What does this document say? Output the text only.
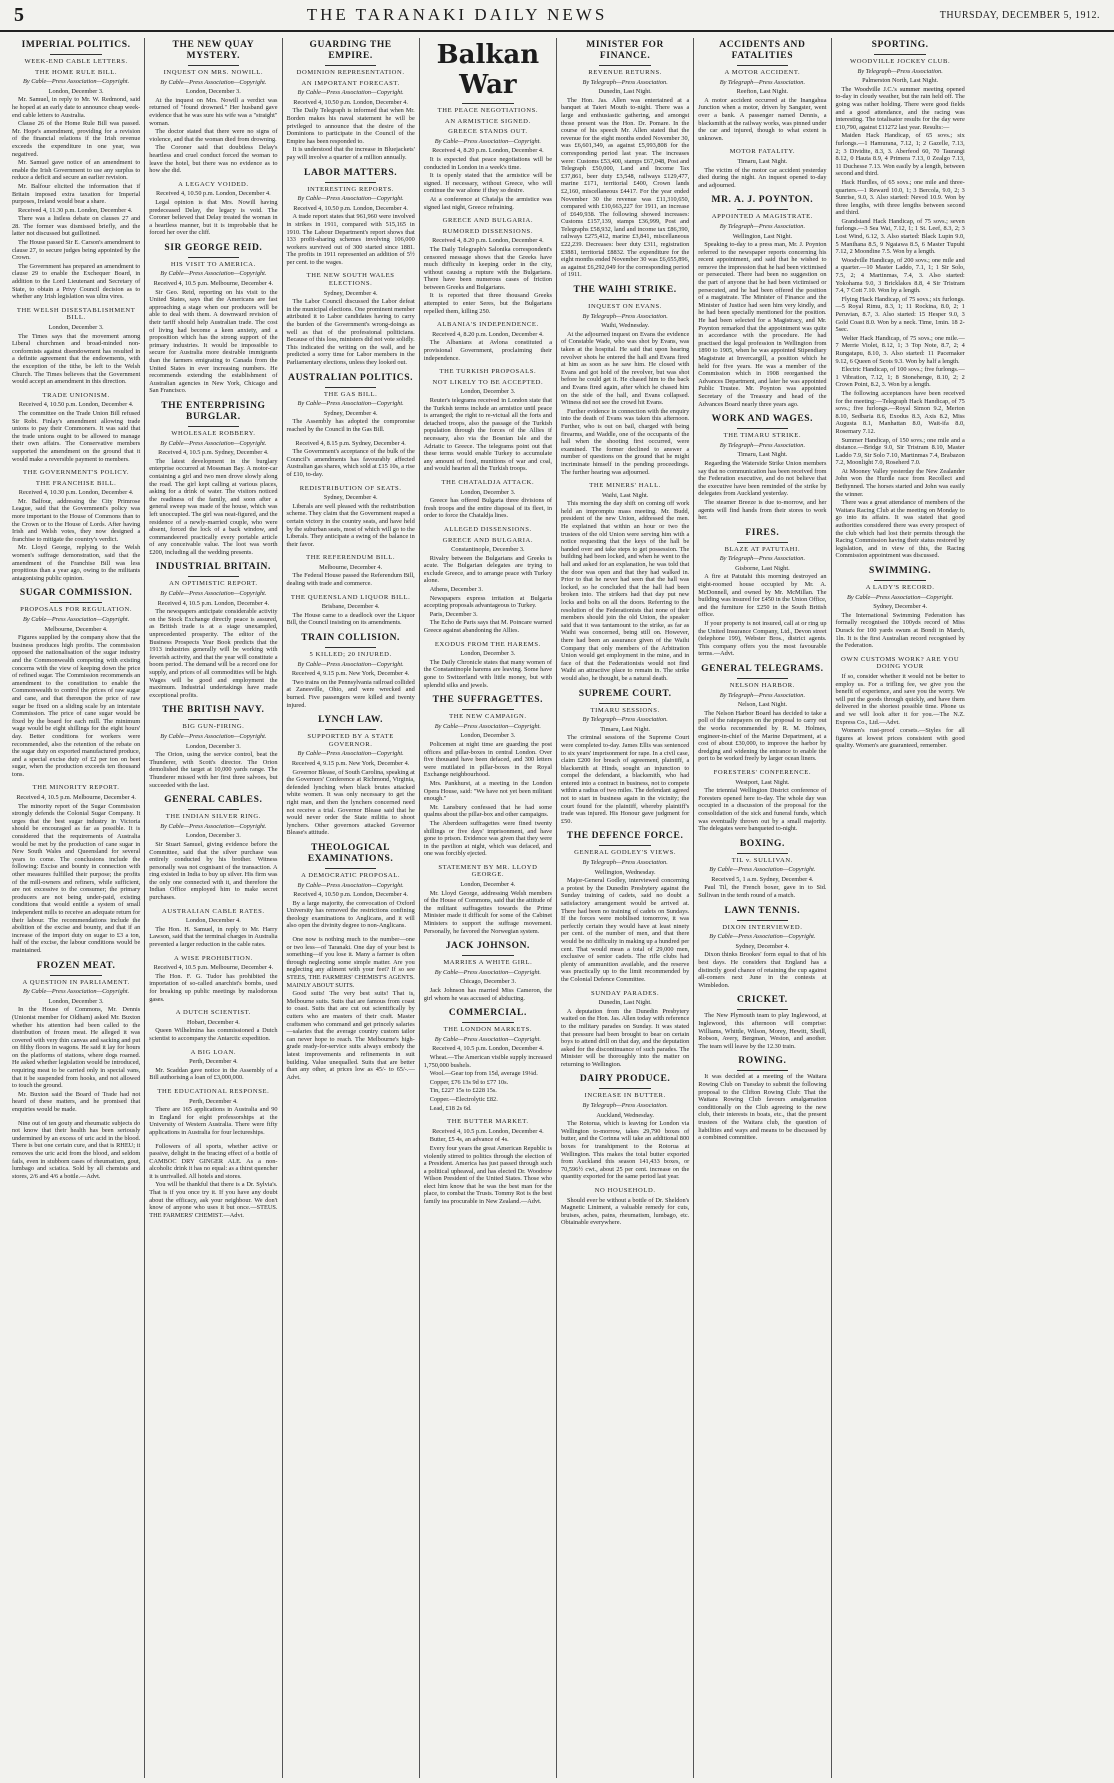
5	THE TARANAKI DAILY NEWS	THURSDAY, DECEMBER 5, 1912.
IMPERIAL POLITICS.
WEEK-END CABLE LETTERS.
THE HOME RULE BILL.
By Cable—Press Association—Copyright.
London, December 3.

Mr. Samuel, in reply to Mr. W. Redmond, said he hoped at an early date to announce cheap week-end cable letters to Australia.

Clause 26 of the Home Rule Bill was passed. Mr. Hope's amendment, providing for a revision of the financial relations if the Irish revenue exceeds the expenditure in one year, was negatived.

Mr. Samuel gave notice of an amendment to enable the Irish Government to use any surplus to reduce a deficit and secure an earlier revision.

Mr. Balfour elicited the information that if Britain imposed extra taxation for Imperial purposes, Ireland would bear a share.

Received 4, 11.30 p.m. London, December 4.

There was a listless debate on clauses 27 and 28. The former was dismissed briefly, and the latter not discussed but guillotined.

The House passed Sir E. Carson's amendment to clause 27, to secure judges being appointed by the Crown.

The Government has prepared an amendment to clause 29 to enable the Exchequer Board, in addition to the Lord Lieutenant and Secretary of State, to obtain a Privy Council decision as to whether any Irish legislation was ultra vires.

THE WELSH DISESTABLISHMENT BILL.
London, December 3.

The Times says that the movement among Liberal churchmen and broad-minded non-conformists against disendowment has resulted in a definite agreement that the endowments, with the exception of the tithe, be left to the Welsh Church. The Times believes that the Government would accept an amendment in this direction.

TRADE UNIONISM.
Received 4, 10.50 p.m. London, December 4.

The committee on the Trade Union Bill refused Sir Robt. Finlay's amendment allowing trade unions to pay their Commoners. It was said that the trade unions ought to be allowed to manage their own affairs. The Conservative members supported the amendment on the ground that it would make a reversible payment to members.

THE GOVERNMENT'S POLICY.
THE FRANCHISE BILL.
Received 4, 10.30 p.m. London, December 4.

Mr. Balfour, addressing the City Primrose League, said that the Government's policy was more important to the House of Commons than to the Crown or to the House of Lords. After having Irish and Welsh votes, they now designed a franchise to mitigate the country's verdict.

Mr. Lloyd George, replying to the Welsh women's suffrage demonstration, said that the amendment of the Franchise Bill was less propitious than a year ago, owing to the militants antagonising public opinion.

SUGAR COMMISSION.
PROPOSALS FOR REGULATION.
By Cable—Press Association—Copyright.
Melbourne, December 4.

Figures supplied by the company show that the business produces high profits. The commission opposed the nationalisation of the sugar industry and the Commonwealth competing with existing concerns with the view of keeping down the price of refined sugar. The Commission recommends an amendment to the constitution to enable the Commonwealth to control the prices of raw sugar and cane, and that thereupon the price of raw sugar be fixed on a sliding scale by an interstate Commission. The price of cane sugar would be fixed by the board for each mill. The minimum wage would be eight shillings for the eight hours' day. Better conditions for workers were recommended, also the retention of the rebate on the sugar duty on exported manufactured produce, and a special excise duty of £2 per ton on beet sugar, when the production exceeds ten thousand tons.

THE MINORITY REPORT.
Received 4, 10.5 p.m. Melbourne, December 4.

The minority report of the Sugar Commission strongly defends the Colonial Sugar Company. It urges that the best sugar industry in Victoria should be encouraged as far as possible. It is considered that the requirements of Australia would be met by the production of cane sugar in New South Wales and Queensland for several years to come. The conclusions include the following: Excise and bounty in connection with other measures fulfilled their purpose; the profits of the mill-owners and refiners, while sufficient, are not excessive to the consumer; the primary producers are not being under-paid, existing conditions that would entitle a system of small independent mills to receive an adequate return for their labour. The recommendations include the abolition of the excise and bounty, and that if an increase of the import duty on sugar to £3 a ton, half of the excise, the labour conditions would be maintained.

FROZEN MEAT.
A QUESTION IN PARLIAMENT.
By Cable—Press Association—Copyright.
London, December 3.

In the House of Commons, Mr. Dennis (Unionist member for Oldham) asked Mr. Buxton whether his attention had been called to the distribution of frozen meat. He alleged it was covered with very thin canvas and sacking and put on filthy floors in wagons. He said it lay for hours on the platforms of stations, where dogs roamed. He asked whether legislation would be introduced, requiring meat to be carried only in special vans, that it be suspended from hooks, and not allowed to touch the ground.

Mr. Buxton said the Board of Trade had not heard of these matters, and he promised that enquiries would be made.

Nine out of ten gouty and rheumatic subjects do not know that their health has been seriously undermined by an excess of uric acid in the blood. There is but one certain cure, and that is RHEU; it removes the uric acid from the blood, and seldom fails, even in stubborn cases of rheumatism, gout, lumbago and sciatica. Sold by all chemists and stores, 2/6 and 4/6 a bottle.—Advt.

THE NEW QUAY MYSTERY.
INQUEST ON MRS. NOWILL.
By Cable—Press Association—Copyright.
London, December 3.

At the inquest on Mrs. Nowill a verdict was returned of "found drowned." Her husband gave evidence that he was sure his wife was a "straight" woman.

The doctor stated that there were no signs of violence, and that the woman died from drowning.

The Coroner said that doubtless Delay's heartless and cruel conduct forced the woman to leave the hotel, but there was no evidence as to how she did.

A LEGACY VOIDED.
Received 4, 10.50 p.m. London, December 4.

Legal opinion is that Mrs. Nowill having predeceased Delay, the legacy is void. The Coroner believed that Delay treated the woman in a heartless manner, but it is improbable that he forced her over the cliff.

SIR GEORGE REID.
HIS VISIT TO AMERICA.
By Cable—Press Association—Copyright.
Received 4, 10.5 p.m. Melbourne, December 4.

Sir Geo. Reid, reporting on his visit to the United States, says that the Americans are fast approaching a stage when our producers will be able to deal with them. A downward revision of their tariff should help Australian trade. The cost of living had become a keen anxiety, and a proposition which has the strong support of the primary industries. It would be impossible to secure for Australia more desirable immigrants than the farmers emigrating to Canada from the United States in ever increasing numbers. He recommends extending the establishment of Australian agencies in New York, Chicago and San Francisco.

THE ENTERPRISING BURGLAR.
WHOLESALE ROBBERY.
By Cable—Press Association—Copyright.
Received 4, 10.5 p.m. Sydney, December 4.

The latest development in the burglary enterprise occurred at Mossman Bay. A motor-car containing a girl and two men drove slowly along the road. The girl kept calling at various places, asking for a drink of water. The visitors noticed the readiness of the family, and soon after a general sweep was made of the house, which was left unoccupied. The girl was neat-figured, and the residence of a newly-married couple, who were absent, forced the lock of a back window, and commandeered practically every portable article of any conceivable value. The loot was worth £200, including all the wedding presents.

INDUSTRIAL BRITAIN.
AN OPTIMISTIC REPORT.
By Cable—Press Association—Copyright.
Received 4, 10.5 p.m. London, December 4.

The newspapers anticipate considerable activity on the Stock Exchange directly peace is assured, as British trade is at a stage unexampled, unprecedented prosperity. The editor of the Business Prospects Year Book predicts that the 1913 industries generally will be working with feverish activity, and that the year will constitute a boom period. The demand will be a record one for supply, and prices of all commodities will be high. Wages will be good and employment the maximum. Industrial undertakings have made exceptional profits.

THE BRITISH NAVY.
BIG GUN-FIRING.
By Cable—Press Association—Copyright.
London, December 3.

The Orion, using the service control, beat the Thunderer, with Scott's director. The Orion demolished the target at 10,000 yards range. The Thunderer missed with her first three salvoes, but succeeded with the last.

GENERAL CABLES.
THE INDIAN SILVER RING.
By Cable—Press Association—Copyright.
London, December 3.

Sir Stuart Samuel, giving evidence before the Committee, said that the silver purchase was entirely conducted by his brother. Witness personally was not cognisant of the transaction. A ring existed in India to buy up silver. His firm was the only one connected with it, and therefore the Indian Office employed him to make secret purchases.

AUSTRALIAN CABLE RATES.
London, December 4.

The Hon. H. Samuel, in reply to Mr. Harry Lawson, said that the terminal charges in Australia prevented a larger reduction in the cable rates.

A WISE PROHIBITION.
Received 4, 10.5 p.m. Melbourne, December 4.

The Hon. F. G. Tudor has prohibited the importation of so-called anarchist's bombs, used for breaking up public meetings by malodorous gases.

A DUTCH SCIENTIST.
Hobart, December 4.

Queen Wilhelmina has commissioned a Dutch scientist to accompany the Antarctic expedition.

A BIG LOAN.
Perth, December 4.

Mr. Scaddan gave notice in the Assembly of a Bill authorising a loan of £3,000,000.

THE EDUCATIONAL RESPONSE.
Perth, December 4.

There are 165 applications in Australia and 90 in England for eight professorships at the University of Western Australia. There were fifty applications in Australia for four lectureships.

Followers of all sports, whether active or passive, delight in the bracing effect of a bottle of CAMBOC DRY GINGER ALE. As a non-alcoholic drink it has no equal: as a thirst quencher it is unrivalled. All hotels and stores.

You will be thankful that there is a Dr. Sylvia's. That is if you once try it. If you have any doubt about the efficacy, ask your neighbour. We don't know of anyone who uses it but once.—STEUS. THE FARMERS' CHEMIST.—Advt.

GUARDING THE EMPIRE.
DOMINION REPRESENTATION.
AN IMPORTANT FORECAST.
By Cable—Press Association—Copyright.
Received 4, 10.50 p.m. London, December 4.

The Daily Telegraph is informed that when Mr. Borden makes his naval statement he will be privileged to announce that the desire of the Dominions to participate in the Council of the Empire has been responded to.

It is understood that the increase in Bluejackets' pay will involve a quarter of a million annually.

LABOR MATTERS.
INTERESTING REPORTS.
By Cable—Press Association—Copyright.
Received 4, 10.50 p.m. London, December 4.

A trade report states that 961,960 were involved in strikes in 1911, compared with 515,165 in 1910. The Labour Department's report shows that 133 profit-sharing schemes involving 106,000 workers survived out of 300 started since 1881. The profits in 1911 represented an addition of 5½ per cent. to the wages.

THE NEW SOUTH WALES ELECTIONS.
Sydney, December 4.

The Labor Council discussed the Labor defeat in the municipal elections. One prominent member attributed it to Labor candidates having to carry the burden of the Government's wrong-doings as well as that of the professional politicians. Because of this loss, ministers did not vote solidly. This indicated the writing on the wall, and he predicted a sorry time for Labor members in the Parliamentary elections, unless they looked out.

AUSTRALIAN POLITICS.
THE GAS BILL.
By Cable—Press Association—Copyright.
Sydney, December 4.

The Assembly has adopted the compromise reached by the Council in the Gas Bill.

Received 4, 8.15 p.m. Sydney, December 4.

The Government's acceptance of the bulk of the Council's amendments has favourably affected Australian gas shares, which sold at £15 10s, a rise of £10, to-day.

REDISTRIBUTION OF SEATS.
Sydney, December 4.

Liberals are well pleased with the redistribution scheme. They claim that the Government reaped a certain victory in the country seats, and have held by the suburban seats, most of which will go to the Liberals. They anticipate a swing of the balance in their favor.

THE REFERENDUM BILL.
Melbourne, December 4.

The Federal House passed the Referendum Bill, dealing with trade and commerce.

THE QUEENSLAND LIQUOR BILL.
Brisbane, December 4.

The House came to a deadlock over the Liquor Bill, the Council insisting on its amendments.

TRAIN COLLISION.
5 KILLED; 20 INJURED.
By Cable—Press Association—Copyright.
Received 4, 9.15 p.m. New York, December 4.

Two trains on the Pennsylvania railroad collided at Zanesville, Ohio, and were wrecked and burned. Five passengers were killed and twenty injured.

LYNCH LAW.
SUPPORTED BY A STATE GOVERNOR.
By Cable—Press Association—Copyright.
Received 4, 9.15 p.m. New York, December 4.

Governor Blease, of South Carolina, speaking at the Governors' Conference at Richmond, Virginia, defended lynching when black brutes attacked white women. It was only necessary to get the right man, and then the lynchers concerned need not receive a trial. Governor Blease said that he would never order the State militia to shoot lynchers. Other governors attacked Governor Blease's attitude.

THEOLOGICAL EXAMINATIONS.
A DEMOCRATIC PROPOSAL.
By Cable—Press Association—Copyright.
Received 4, 10.50 p.m. London, December 4.

By a large majority, the convocation of Oxford University has removed the restrictions confining theology examinations to Anglicans, and it will also open the divinity degree to non-Anglicans.

One now is nothing much to the number—one or two less—of Taranaki. One day of your best is something—if you lose it. Many a farmer is often through neglecting some simple matter. Are you neglecting any ailment with your feet? If so see STEES, THE FARMERS' CHEMIST'S AGENTS. MAINLY ABOUT SUITS.

Good suits! The very best suits! That is, Melbourne suits. Suits that are famous from coast to coast. Suits that are cut out scientifically by cutters who are masters of their craft. Master craftsmen who command and get princely salaries—salaries that the average country custom tailor can never hope to reach. The Melbourne's high-grade ready-for-service suits always embody the latest improvements and refinements in suit building. Value unequalled. Suits that are better than any other, at prices low as 45/- to 65/-.—Advt.

Balkan War
THE PEACE NEGOTIATIONS.
AN ARMISTICE SIGNED.
GREECE STANDS OUT.
By Cable—Press Association—Copyright.
Received 4, 8.20 p.m. London, December 4.

It is expected that peace negotiations will be conducted in London in a week's time.

It is openly stated that the armistice will be signed. If necessary, without Greece, who will continue the war alone if they so desire.

At a conference at Chatalja the armistice was signed last night, Greece refraining.

GREECE AND BULGARIA.
RUMORED DISSENSIONS.
Received 4, 8.20 p.m. London, December 4.

The Daily Telegraph's Salonika correspondent's censored message shows that the Greeks have much difficulty in keeping order in the city, without causing a rupture with the Bulgarians. There have been numerous cases of friction between Greeks and Bulgarians.

It is reported that three thousand Greeks attempted to enter Seres, but the Bulgarians repelled them, killing 250.

ALBANIA'S INDEPENDENCE.
Received 4, 8.20 p.m. London, December 4.

The Albanians at Avlona constituted a provisional Government, proclaiming their independence.

THE TURKISH PROPOSALS.
NOT LIKELY TO BE ACCEPTED.
London, December 3.

Reuter's telegrams received in London state that the Turkish terms include an armistice until peace is arranged; the right to re-victual all the forts and detached troops, also the passage of the Turkish population through the forces of the Allies if necessary, also via the Bosnian Isle and the Adriatic to Greece. The telegrams point out that these terms would enable Turkey to accumulate any amount of food, munitions of war and coal, and would hearten all the Turkish troops.

THE CHATALDJA ATTACK.
London, December 3.

Greece has offered Bulgaria three divisions of fresh troops and the entire disposal of its fleet, in order to force the Chataldja lines.

ALLEGED DISSENSIONS.
GREECE AND BULGARIA.
Constantinople, December 3.

Rivalry between the Bulgarians and Greeks is acute. The Bulgarian delegates are trying to exclude Greece, and to arrange peace with Turkey alone.

Athens, December 3.

Newspapers express irritation at Bulgaria accepting proposals advantageous to Turkey.

Paris, December 3.

The Echo de Paris says that M. Poincare warned Greece against abandoning the Allies.

EXODUS FROM THE HAREMS.
London, December 3.

The Daily Chronicle states that many women of the Constantinople harems are leaving. Some have gone to Switzerland with little money, but with splendid silks and jewels.

THE SUFFRAGETTES.
THE NEW CAMPAIGN.
By Cable—Press Association—Copyright.
London, December 3.

Policemen at night time are guarding the post offices and pillar-boxes in central London. Over five thousand have been defaced, and 300 letters were mutilated in pillar-boxes in the Royal Exchange neighbourhood.

Mrs. Pankhurst, at a meeting in the London Opera House, said: "We have not yet been militant enough."

Mr. Lansbury confessed that he had some qualms about the pillar-box and other campaigns.

The Aberdeen suffragettes were fined twenty shillings or five days' imprisonment, and have gone to prison. Evidence was given that they were in the pavilion at night, which was defaced, and one was forcibly ejected.

STATEMENT BY MR. LLOYD GEORGE.
London, December 4.

Mr. Lloyd George, addressing Welsh members of the House of Commons, said that the attitude of the militant suffragettes towards the Prime Minister made it difficult for some of the Cabinet Ministers to support the suffrage movement. Personally, he favored the Norwegian system.

JACK JOHNSON.
MARRIES A WHITE GIRL.
By Cable—Press Association—Copyright.
Chicago, December 3.

Jack Johnson has married Miss Cameron, the girl whom he was accused of abducting.

COMMERCIAL.
THE LONDON MARKETS.
By Cable—Press Association—Copyright.
Received 4, 10.5 p.m. London, December 4.

Wheat.—The American visible supply increased 1,750,000 bushels.

Wool.—Gear top from 15d, average 19¼d.

Copper, £76 13s 9d to £77 10s.

Tin, £227 15s to £228 15s.

Copper.—Electrolytic £82.

Lead, £18 2s 6d.

THE BUTTER MARKET.
Received 4, 10.5 p.m. London, December 4.

Butter, £5 4s, an advance of 4s.

Every four years the great American Republic is violently stirred to politics through the election of a President. America has just passed through such a political upheaval, and has elected Dr. Woodrow Wilson President of the United States. Those who elect him know that he was the best man for the place, to combat the Trusts. Tommy Rot is the best family tea procurable in New Zealand.—Advt.

MINISTER FOR FINANCE.
REVENUE RETURNS.
By Telegraph—Press Association.
Dunedin, Last Night.

The Hon. Jas. Allen was entertained at a banquet at Taieri Mouth to-night. There was a large and enthusiastic gathering, and amongst those present was the Hon. Dr. Pomare. In the course of his speech Mr. Allen stated that the revenue for the eight months ended November 30, was £6,601,349, as against £5,993,808 for the corresponding period last year. The increases were: Customs £53,400, stamps £67,048, Post and Telegraph £50,000, Land and Income Tax £37,861, beer duty £3,548, railways £129,477, marine £171, territorial £400, Crown lands £2,160, miscellaneous £4417. For the year ended November 30 the revenue was £11,310,650, compared with £10,663,227 for 1911, an increase of £649,938. The following showed increases: Customs £157,139, stamps £36,999, Post and Telegraphs £58,932, land and income tax £86,390, railways £275,412, marine £3,841, miscellaneous £22,239. Decreases: beer duty £311, registration £3881, territorial £8832. The expenditure for the eight months ended November 30 was £6,655,896, as against £6,292,049 for the corresponding period of 1911.

THE WAIHI STRIKE.
INQUEST ON EVANS.
By Telegraph—Press Association.
Waihi, Wednesday.

At the adjourned inquest on Evans the evidence of Constable Wade, who was shot by Evans, was taken at the hospital. He said that upon hearing revolver shots he entered the hall and Evans fired at him as soon as he saw him. He closed with Evans and got hold of the revolver, but was shot before he could get it. He chased him to the back and Evans fired again, after which he chased him on the side of the hall, and Evans collapsed. Witness did not see the crowd hit Evans.

Further evidence in connection with the enquiry into the death of Evans was taken this afternoon. Further, who is out on bail, charged with being firearms, and Waddle, one of the occupants of the hall when the shooting first occurred, were examined. The former declined to answer a number of questions on the ground that he might incriminate himself in the pending proceedings. The further hearing was adjourned.

THE MINERS' HALL.
Waihi, Last Night.

This morning the day shift on coming off work held an impromptu mass meeting. Mr. Budd, president of the new Union, addressed the men. He explained that within an hour or two the trustees of the old Union were serving him with a notice requesting that the keys of the hall be handed over and take steps to get possession. The building had been locked, and when he went to the hall and asked for an explanation, he was told that the door was open and that they had walked in. Prior to that he never had seen that the hall was locked, so he concluded that the hall had been broken into. The strikers had that day put new locks and bolts on all the doors. Referring to the resolution of the Federationists that none of their members should join the old Union, the speaker said that it was tantamount to the strike, as far as Waihi was concerned, being still on. However, there had been an assurance given of the Waihi Company that only members of the Arbitration Union would get employment in the mine, and in face of that the Federationists would not find Waihi an attractive place to remain in. The strike would also, he thought, be a natural death.

SUPREME COURT.
TIMARU SESSIONS.
By Telegraph—Press Association.
Timaru, Last Night.

The criminal sessions of the Supreme Court were completed to-day. James Ellis was sentenced to six years' imprisonment for rape. In a civil case, claim £200 for breach of agreement, plaintiff, a blacksmith at Hinds, sought an injunction to compel the defendant, a blacksmith, who had entered into a contract in business, not to compete within a radius of two miles. The defendant agreed not to start in business again in the vicinity; the court found for the plaintiff, whereby plaintiff's trade was injured. His Honour gave judgment for £50.

THE DEFENCE FORCE.
GENERAL GODLEY'S VIEWS.
By Telegraph—Press Association.
Wellington, Wednesday.

Major-General Godley, interviewed concerning a protest by the Dunedin Presbytery against the Sunday training of cadets, said no doubt a satisfactory arrangement would be arrived at. There had been no training of cadets on Sundays. If the forces were mobilised tomorrow, it was perfectly certain they would have at least ninety per cent. of the number of men, and that there would be no difficulty in making up a hundred per cent. That would mean a total of 29,000 men, exclusive of senior cadets. The rifle clubs had plenty of ammunition available, and the reserve was practically up to the limit recommended by the Colonial Defence Committee.

SUNDAY PARADES.
Dunedin, Last Night.

A deputation from the Dunedin Presbytery waited on the Hon. Jas. Allen today with reference to the military parades on Sunday. It was stated that pressure had been brought to bear on certain boys to attend drill on that day, and the deputation asked for the discontinuance of such parades. The Minister will be thoroughly into the matter on returning to Wellington.

DAIRY PRODUCE.
INCREASE IN BUTTER.
By Telegraph—Press Association.
Auckland, Wednesday.

The Rotorua, which is leaving for London via Wellington to-morrow, takes 29,790 boxes of butter, and the Corinna will take an additional 800 boxes for transhipment to the Rotorua at Wellington. This makes the total butter exported from Auckland this season 141,433 boxes, or 70,596½ cwt., about 25 per cent. increase on the quantity exported for the same period last year.

NO HOUSEHOLD.

Should ever be without a bottle of Dr. Sheldon's Magnetic Liniment, a valuable remedy for cuts, bruises, aches, pains, rheumatism, lumbago, etc. Obtainable everywhere.

ACCIDENTS AND FATALITIES
A MOTOR ACCIDENT.
By Telegraph—Press Association.
Reefton, Last Night.

A motor accident occurred at the Inangahua Junction when a motor, driven by Sangster, went over a bank. A passenger named Dennis, a blacksmith at the railway works, was pinned under the car and injured, though to what extent is unknown.

MOTOR FATALITY.
Timaru, Last Night.

The victim of the motor car accident yesterday died during the night. An inquest opened to-day and adjourned.

MR. A. J. POYNTON.
APPOINTED A MAGISTRATE.
By Telegraph—Press Association.
Wellington, Last Night.

Speaking to-day to a press man, Mr. J. Poynton referred to the newspaper reports concerning his recent appointment, and said that he wished to remove the impression that he had been victimised or persecuted. There had been no suggestion on the part of anyone that he had been victimised or persecuted, and he had been offered the position of a magistrate. The Minister of Finance and the Minister of Justice had seen him very kindly, and he had been specially mentioned for the position. He had been selected for a Magistracy, and Mr. Poynton remarked that the appointment was quite in accordance with the procedure. He had practised the legal profession in Wellington from 1890 to 1905, when he was appointed Stipendiary Magistrate at Invercargill, a position which he held for five years. He was a member of the Commission which in 1908 reorganised the Advances Department, and later he was appointed Public Trustee. Mr. Poynton was appointed Secretary of the Treasury and head of the Advances Board nearly three years ago.

WORK AND WAGES.
THE TIMARU STRIKE.
By Telegraph—Press Association.
Timaru, Last Night.

Regarding the Waterside Strike Union members say that no communication has been received from the Federation executive, and do not believe that the executive have been reminded of the strike by delegates from Auckland yesterday.

The steamer Breeze is due to-morrow, and her agents will find hands from their stores to work her.

FIRES.
BLAZE AT PATUTAHI.
By Telegraph—Press Association.
Gisborne, Last Night.

A fire at Patutahi this morning destroyed an eight-roomed house occupied by Mr. A. McDonnell, and owned by Mr. McMillan. The building was insured for £450 in the Union Office, and the furniture for £250 in the South British office.

If your property is not insured, call at or ring up the United Insurance Company, Ltd., Devon street (telephone 199), Webster Bros., district agents. This company offers you the most favourable terms.—Advt.

GENERAL TELEGRAMS.
NELSON HARBOR.
By Telegraph—Press Association.
Nelson, Last Night.

The Nelson Harbor Board has decided to take a poll of the ratepayers on the proposal to carry out the works recommended by R. M. Holmes, engineer-in-chief of the Marine Department, at a cost of about £30,000, to improve the harbor by dredging and widening the entrance to enable the port to be worked freely by larger ocean liners.

FORESTERS' CONFERENCE.
Westport, Last Night.

The triennial Wellington District conference of Foresters opened here to-day. The whole day was occupied in a discussion of the proposal for the consolidation of the sick and funeral funds, which was eventually thrown out by a small majority. The delegates were banqueted to-night.

BOXING.
TIL v. SULLIVAN.
By Cable—Press Association—Copyright.
Received 5, 1 a.m. Sydney, December 4.

Paul Til, the French boxer, gave in to Sid. Sullivan in the tenth round of a match.

LAWN TENNIS.
DIXON INTERVIEWED.
By Cable—Press Association—Copyright.
Sydney, December 4.

Dixon thinks Brookes' form equal to that of his best days. He considers that England has a distinctly good chance of retaining the cup against all-comers next June in the contests at Wimbledon.

CRICKET.

The New Plymouth team to play Inglewood, at Inglewood, this afternoon will comprise: Williams, Whittle, Wilson, Morey, Hewitt, Sheill, Robson, Avery, Bergman, Weston, and another. The team will leave by the 12.30 train.

ROWING.

It was decided at a meeting of the Waitara Rowing Club on Tuesday to submit the following proposal to the Clifton Rowing Club: That the Waitara Rowing Club favours amalgamation conditionally on the Club agreeing to the new club, their interests in boats, etc., that the present trustees of the Waitara club, the question of liabilities and ways and means to be discussed by a combined committee.

SPORTING.
WOODVILLE JOCKEY CLUB.
By Telegraph—Press Association.
Palmerston North, Last Night.

The Woodville J.C.'s summer meeting opened to-day in cloudy weather, but the rain held off. The going was rather holding. There were good fields and a good attendance, and the racing was interesting. The totalisator results for the day were £10,790, against £11272 last year. Results:—

Maiden Hack Handicap, of 65 sovs.; six furlongs.—1 Hamurana, 7.12, 1; 2 Gazelle, 7.13, 2; 3 Dividite, 8.3, 3. Aberfeod 60, 70 Taurangi 8.12, 0 Hauta 8.9, 4 Primera 7.13, 0 Zealgo 7.13, 11 Duchesse 7.13. Won easily by a length, between second and third.

Hack Hurdles, of 65 sovs.; one mile and three-quarters.—1 Reward 10.0, 1; 3 Bercola, 9.0, 2; 3 Sunrise, 9.0, 3. Also started: Nevod 10.9. Won by three lengths, with three lengths between second and third.

Grandstand Hack Handicap, of 75 sovs.; seven furlongs.—3 Sea Wai, 7.12, 1; 1 St. Leef, 8.3, 2; 3 Lost Wind, 6.12, 3. Also started: Black Lupin 9.0, 5 Manihana 8.5, 9 Ngaiawa 8.5, 6 Master Tupuhi 7.12, 2 Moondine 7.5. Won by a length.

Woodville Handicap, of 200 sovs.; one mile and a quarter.—10 Master Laddo, 7.1, 1; 1 Sir Solo, 7.5, 2; 4 Martinmas, 7.4, 3. Also started: Yokohama 9.0, 3 Bricklakes 8.8, 4 Sir Tristram 7.4, 7 Cott 7.10. Won by a length.

Flying Hack Handicap, of 75 sovs.; six furlongs.—5 Royal Rimu, 8.3, 1; 11 Rockina, 8.0, 2; 1 Peruvian, 8.7, 3. Also started: 15 Hesper 9.0, 3 Gold Coast 8.0. Won by a neck. Time, 1min. 18 2-5sec.

Welter Hack Handicap, of 75 sovs.; one mile.—7 Merrie Violet, 8.12, 1; 3 Top Note, 8.7, 2; 4 Rungatapu, 8.10, 3. Also started: 11 Pacemaker 9.12, 6 Queen of Scots 9.3. Won by half a length.

Electric Handicap, of 100 sovs.; five furlongs.—1 Vibration, 7.12, 1; 8 Stonehenge, 8.10, 2; 2 Crown Point, 8.2, 3. Won by a length.

The following acceptances have been received for the meeting:—Telegraph Hack Handicap, of 75 sovs.; five furlongs.—Royal Simon 9.2, Merton 8.10, Sedbaria 8.6, Exodus 8.3, Axis 8.2, Miss Augusta 8.1, Manhattan 8.0, Wait-ifa 8.0, Rosemary 7.12.

Summer Handicap, of 150 sovs.; one mile and a distance.—Bridge 9.0, Sir Tristram 8.10, Master Laddo 7.9, Sir Solo 7.10, Martinmas 7.4, Brabazon 7.2, Moonlight 7.0, Roseherd 7.0.

At Mooney Valley yesterday the New Zealander John won the Hurdle race from Recollect and Bethynned. The horses started and John was easily the winner.

There was a great attendance of members of the Waitara Racing Club at the meeting on Monday to go into its affairs. It was stated that good authorities considered there was every prospect of the club which had lost their permits through the Racing Commission having their status restored by legislation, and in view of this, the Racing Commission appointment was discussed.

SWIMMING.
A LADY'S RECORD.
By Cable—Press Association—Copyright.
Sydney, December 4.

The International Swimming Federation has formally recognised the 100yds record of Miss Durack for 100 yards swum at Bondi in March, 1ln. It is the first Australian record recognised by the Federation.

OWN CUSTOMS WORK? ARE YOU DOING YOUR

If so, consider whether it would not be better to employ us. For a trifling fee, we give you the benefit of experience, and save you the worry. We will put the goods through quickly, and have them delivered in the shortest possible time. Phone us and we will look after it for you.—The N.Z. Express Co., Ltd.—Advt.

Women's rust-proof corsets.—Styles for all figures at lowest prices consistent with good quality. Women's are guaranteed, remember.
